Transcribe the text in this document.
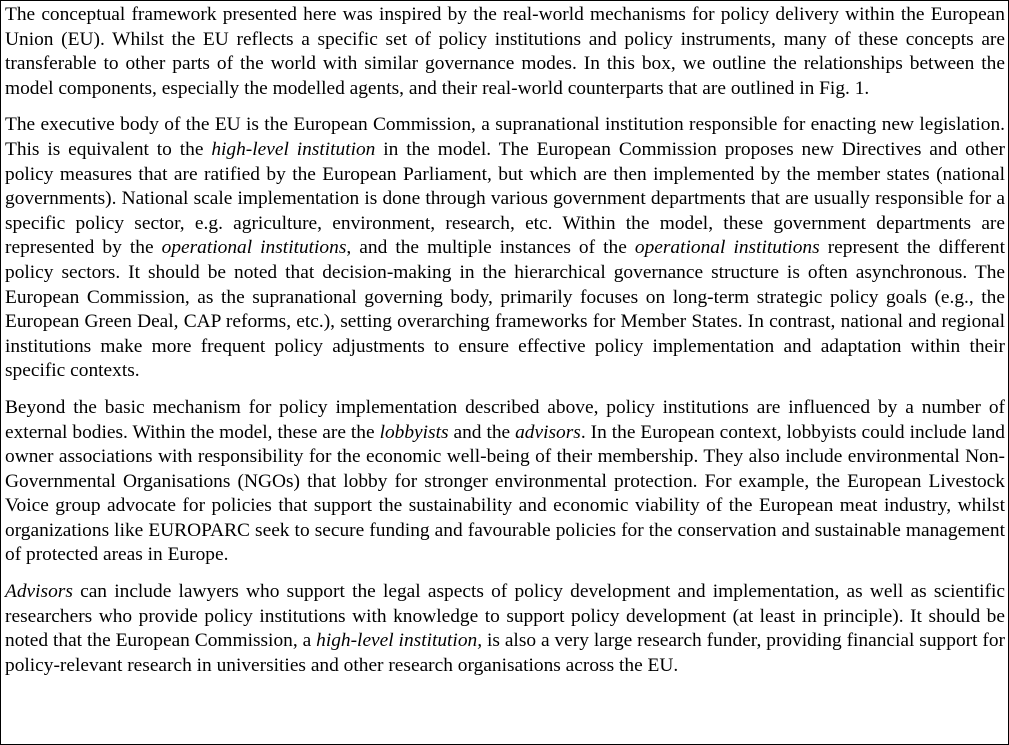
The conceptual framework presented here was inspired by the real-world mechanisms for policy delivery within the European Union (EU). Whilst the EU reflects a specific set of policy institutions and policy instruments, many of these concepts are transferable to other parts of the world with similar governance modes. In this box, we outline the relationships between the model components, especially the modelled agents, and their real-world counterparts that are outlined in Fig. 1.

The executive body of the EU is the European Commission, a supranational institution responsible for enacting new legislation. This is equivalent to the high-level institution in the model. The European Commission proposes new Directives and other policy measures that are ratified by the European Parliament, but which are then implemented by the member states (national governments). National scale implementation is done through various government departments that are usually responsible for a specific policy sector, e.g. agriculture, environment, research, etc. Within the model, these government departments are represented by the operational institutions, and the multiple instances of the operational institutions represent the different policy sectors. It should be noted that decision-making in the hierarchical governance structure is often asynchronous. The European Commission, as the supranational governing body, primarily focuses on long-term strategic policy goals (e.g., the European Green Deal, CAP reforms, etc.), setting overarching frameworks for Member States. In contrast, national and regional institutions make more frequent policy adjustments to ensure effective policy implementation and adaptation within their specific contexts.

Beyond the basic mechanism for policy implementation described above, policy institutions are influenced by a number of external bodies. Within the model, these are the lobbyists and the advisors. In the European context, lobbyists could include land owner associations with responsibility for the economic well-being of their membership. They also include environmental Non-Governmental Organisations (NGOs) that lobby for stronger environmental protection. For example, the European Livestock Voice group advocate for policies that support the sustainability and economic viability of the European meat industry, whilst organizations like EUROPARC seek to secure funding and favourable policies for the conservation and sustainable management of protected areas in Europe.

Advisors can include lawyers who support the legal aspects of policy development and implementation, as well as scientific researchers who provide policy institutions with knowledge to support policy development (at least in principle). It should be noted that the European Commission, a high-level institution, is also a very large research funder, providing financial support for policy-relevant research in universities and other research organisations across the EU.
